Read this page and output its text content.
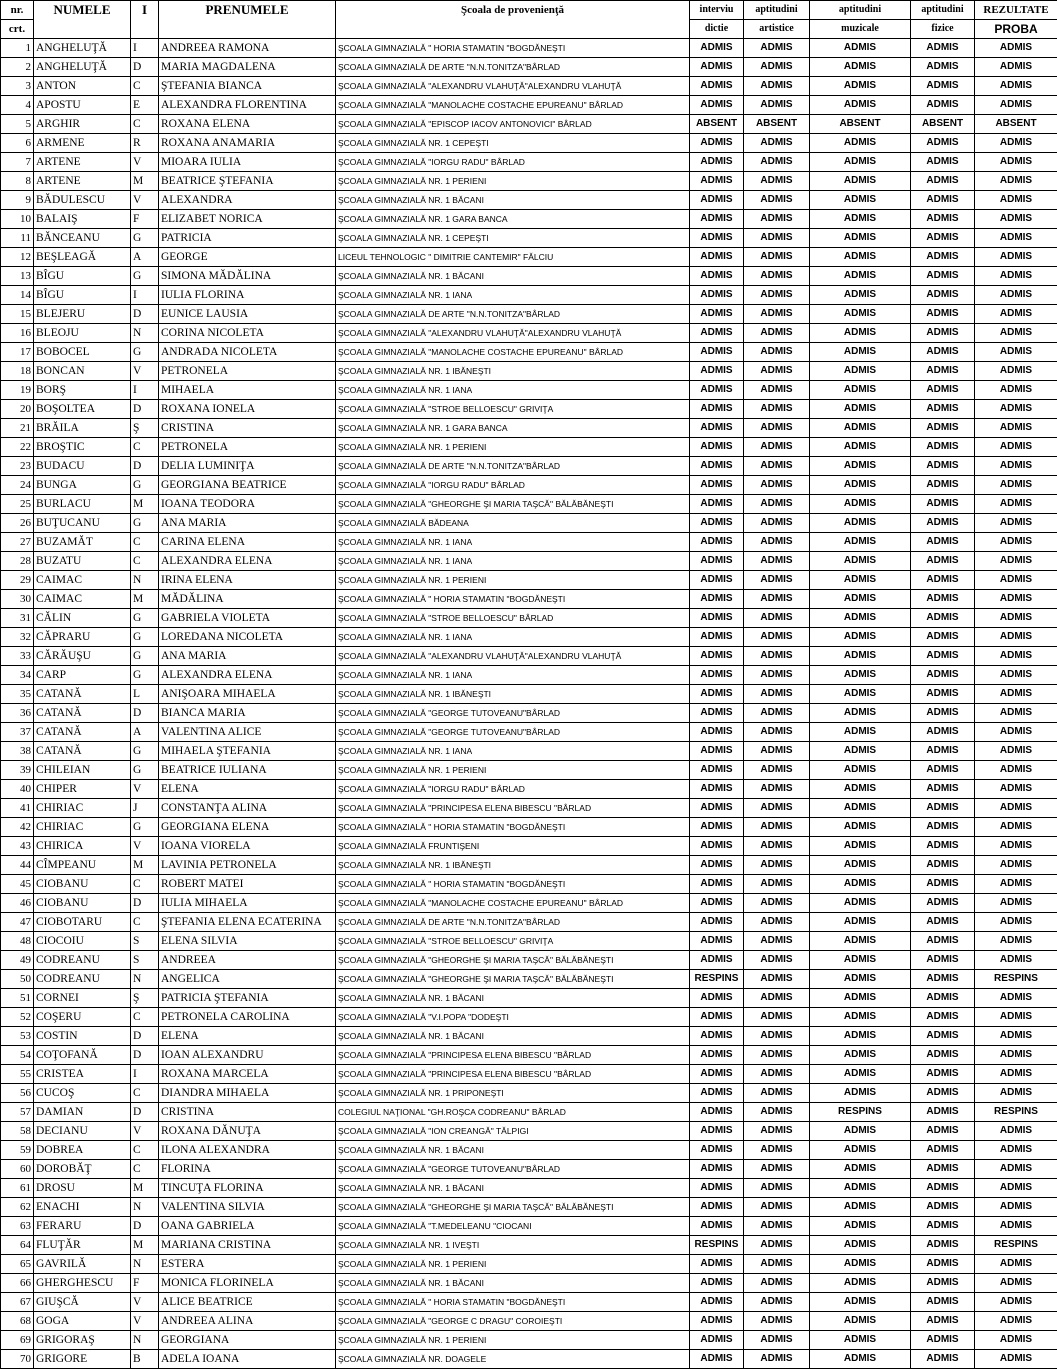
nr.	NUMELE	I	PRENUMELE	Şcoala de provenienţă	interviu	aptitudini	aptitudini	aptitudini	REZULTATE
crt.					dictie	artistice	muzicale	fizice	PROBA
1	ANGHELUŢĂ	I	ANDREEA RAMONA	ŞCOALA GIMNAZIALĂ " HORIA STAMATIN "BOGDĂNEŞTI	ADMIS	ADMIS	ADMIS	ADMIS	ADMIS
2	ANGHELUŢĂ	D	MARIA MAGDALENA	ŞCOALA GIMNAZIALĂ DE ARTE "N.N.TONITZA"BÂRLAD	ADMIS	ADMIS	ADMIS	ADMIS	ADMIS
3	ANTON	C	ŞTEFANIA BIANCA	ŞCOALA GIMNAZIALĂ "ALEXANDRU VLAHUŢĂ"ALEXANDRU VLAHUŢĂ	ADMIS	ADMIS	ADMIS	ADMIS	ADMIS
4	APOSTU	E	ALEXANDRA FLORENTINA	ŞCOALA GIMNAZIALĂ "MANOLACHE COSTACHE EPUREANU" BÂRLAD	ADMIS	ADMIS	ADMIS	ADMIS	ADMIS
5	ARGHIR	C	ROXANA ELENA	ŞCOALA GIMNAZIALĂ "EPISCOP IACOV ANTONOVICI" BÂRLAD	ABSENT	ABSENT	ABSENT	ABSENT	ABSENT
6	ARMENE	R	ROXANA ANAMARIA	ŞCOALA GIMNAZIALĂ NR. 1 CEPEŞTI	ADMIS	ADMIS	ADMIS	ADMIS	ADMIS
7	ARTENE	V	MIOARA IULIA	ŞCOALA GIMNAZIALĂ "IORGU RADU" BÂRLAD	ADMIS	ADMIS	ADMIS	ADMIS	ADMIS
8	ARTENE	M	BEATRICE ŞTEFANIA	ŞCOALA GIMNAZIALĂ NR. 1 PERIENI	ADMIS	ADMIS	ADMIS	ADMIS	ADMIS
9	BĂDULESCU	V	ALEXANDRA	ŞCOALA GIMNAZIALĂ NR. 1 BĂCANI	ADMIS	ADMIS	ADMIS	ADMIS	ADMIS
10	BALAIŞ	F	ELIZABET NORICA	ŞCOALA GIMNAZIALĂ NR. 1 GARA BANCA	ADMIS	ADMIS	ADMIS	ADMIS	ADMIS
11	BĂNCEANU	G	PATRICIA	ŞCOALA GIMNAZIALĂ NR. 1 CEPEŞTI	ADMIS	ADMIS	ADMIS	ADMIS	ADMIS
12	BEŞLEAGĂ	A	GEORGE	LICEUL TEHNOLOGIC " DIMITRIE CANTEMIR" FĂLCIU	ADMIS	ADMIS	ADMIS	ADMIS	ADMIS
13	BÎGU	G	SIMONA MĂDĂLINA	ŞCOALA GIMNAZIALĂ NR. 1 BĂCANI	ADMIS	ADMIS	ADMIS	ADMIS	ADMIS
14	BÎGU	I	IULIA FLORINA	ŞCOALA GIMNAZIALĂ NR. 1 IANA	ADMIS	ADMIS	ADMIS	ADMIS	ADMIS
15	BLEJERU	D	EUNICE LAUSIA	ŞCOALA GIMNAZIALĂ DE ARTE "N.N.TONITZA"BÂRLAD	ADMIS	ADMIS	ADMIS	ADMIS	ADMIS
16	BLEOJU	N	CORINA NICOLETA	ŞCOALA GIMNAZIALĂ "ALEXANDRU VLAHUŢĂ"ALEXANDRU VLAHUŢĂ	ADMIS	ADMIS	ADMIS	ADMIS	ADMIS
17	BOBOCEL	G	ANDRADA NICOLETA	ŞCOALA GIMNAZIALĂ "MANOLACHE COSTACHE EPUREANU" BÂRLAD	ADMIS	ADMIS	ADMIS	ADMIS	ADMIS
18	BONCAN	V	PETRONELA	ŞCOALA GIMNAZIALĂ NR. 1 IBĂNEŞTI	ADMIS	ADMIS	ADMIS	ADMIS	ADMIS
19	BORŞ	I	MIHAELA	ŞCOALA GIMNAZIALĂ NR. 1 IANA	ADMIS	ADMIS	ADMIS	ADMIS	ADMIS
20	BOŞOLTEA	D	ROXANA IONELA	ŞCOALA GIMNAZIALĂ "STROE BELLOESCU" GRIVIŢA	ADMIS	ADMIS	ADMIS	ADMIS	ADMIS
21	BRĂILA	Ş	CRISTINA	ŞCOALA GIMNAZIALĂ NR. 1 GARA BANCA	ADMIS	ADMIS	ADMIS	ADMIS	ADMIS
22	BROŞTIC	C	PETRONELA	ŞCOALA GIMNAZIALĂ NR. 1 PERIENI	ADMIS	ADMIS	ADMIS	ADMIS	ADMIS
23	BUDACU	D	DELIA LUMINIŢA	ŞCOALA GIMNAZIALĂ DE ARTE "N.N.TONITZA"BÂRLAD	ADMIS	ADMIS	ADMIS	ADMIS	ADMIS
24	BUNGA	G	GEORGIANA BEATRICE	ŞCOALA GIMNAZIALĂ "IORGU RADU" BÂRLAD	ADMIS	ADMIS	ADMIS	ADMIS	ADMIS
25	BURLACU	M	IOANA TEODORA	ŞCOALA GIMNAZIALĂ "GHEORGHE ŞI MARIA TAŞCĂ" BĂLĂBĂNEŞTI	ADMIS	ADMIS	ADMIS	ADMIS	ADMIS
26	BUŢUCANU	G	ANA MARIA	ŞCOALA GIMNAZIALĂ BĂDEANA	ADMIS	ADMIS	ADMIS	ADMIS	ADMIS
27	BUZAMĂT	C	CARINA ELENA	ŞCOALA GIMNAZIALĂ NR. 1 IANA	ADMIS	ADMIS	ADMIS	ADMIS	ADMIS
28	BUZATU	C	ALEXANDRA ELENA	ŞCOALA GIMNAZIALĂ NR. 1 IANA	ADMIS	ADMIS	ADMIS	ADMIS	ADMIS
29	CAIMAC	N	IRINA ELENA	ŞCOALA GIMNAZIALĂ NR. 1 PERIENI	ADMIS	ADMIS	ADMIS	ADMIS	ADMIS
30	CAIMAC	M	MĂDĂLINA	ŞCOALA GIMNAZIALĂ " HORIA STAMATIN "BOGDĂNEŞTI	ADMIS	ADMIS	ADMIS	ADMIS	ADMIS
31	CĂLIN	G	GABRIELA VIOLETA	ŞCOALA GIMNAZIALĂ "STROE BELLOESCU" BÂRLAD	ADMIS	ADMIS	ADMIS	ADMIS	ADMIS
32	CĂPRARU	G	LOREDANA NICOLETA	ŞCOALA GIMNAZIALĂ NR. 1 IANA	ADMIS	ADMIS	ADMIS	ADMIS	ADMIS
33	CĂRĂUŞU	G	ANA MARIA	ŞCOALA GIMNAZIALĂ "ALEXANDRU VLAHUŢĂ"ALEXANDRU VLAHUŢĂ	ADMIS	ADMIS	ADMIS	ADMIS	ADMIS
34	CARP	G	ALEXANDRA ELENA	ŞCOALA GIMNAZIALĂ NR. 1 IANA	ADMIS	ADMIS	ADMIS	ADMIS	ADMIS
35	CATANĂ	L	ANIŞOARA MIHAELA	ŞCOALA GIMNAZIALĂ NR. 1 IBĂNEŞTI	ADMIS	ADMIS	ADMIS	ADMIS	ADMIS
36	CATANĂ	D	BIANCA MARIA	ŞCOALA GIMNAZIALĂ "GEORGE TUTOVEANU"BÂRLAD	ADMIS	ADMIS	ADMIS	ADMIS	ADMIS
37	CATANĂ	A	VALENTINA ALICE	ŞCOALA GIMNAZIALĂ "GEORGE TUTOVEANU"BÂRLAD	ADMIS	ADMIS	ADMIS	ADMIS	ADMIS
38	CATANĂ	G	MIHAELA ŞTEFANIA	ŞCOALA GIMNAZIALĂ NR. 1 IANA	ADMIS	ADMIS	ADMIS	ADMIS	ADMIS
39	CHILEIAN	G	BEATRICE IULIANA	ŞCOALA GIMNAZIALĂ NR. 1 PERIENI	ADMIS	ADMIS	ADMIS	ADMIS	ADMIS
40	CHIPER	V	ELENA	ŞCOALA GIMNAZIALĂ "IORGU RADU" BÂRLAD	ADMIS	ADMIS	ADMIS	ADMIS	ADMIS
41	CHIRIAC	J	CONSTANŢA ALINA	ŞCOALA GIMNAZIALĂ "PRINCIPESA ELENA BIBESCU "BÂRLAD	ADMIS	ADMIS	ADMIS	ADMIS	ADMIS
42	CHIRIAC	G	GEORGIANA ELENA	ŞCOALA GIMNAZIALĂ " HORIA STAMATIN "BOGDĂNEŞTI	ADMIS	ADMIS	ADMIS	ADMIS	ADMIS
43	CHIRICA	V	IOANA VIORELA	ŞCOALA GIMNAZIALĂ FRUNTIŞENI	ADMIS	ADMIS	ADMIS	ADMIS	ADMIS
44	CÎMPEANU	M	LAVINIA PETRONELA	ŞCOALA GIMNAZIALĂ NR. 1 IBĂNEŞTI	ADMIS	ADMIS	ADMIS	ADMIS	ADMIS
45	CIOBANU	C	ROBERT MATEI	ŞCOALA GIMNAZIALĂ " HORIA STAMATIN "BOGDĂNEŞTI	ADMIS	ADMIS	ADMIS	ADMIS	ADMIS
46	CIOBANU	D	IULIA MIHAELA	ŞCOALA GIMNAZIALĂ "MANOLACHE COSTACHE EPUREANU" BÂRLAD	ADMIS	ADMIS	ADMIS	ADMIS	ADMIS
47	CIOBOTARU	C	ŞTEFANIA ELENA ECATERINA	ŞCOALA GIMNAZIALĂ DE ARTE "N.N.TONITZA"BÂRLAD	ADMIS	ADMIS	ADMIS	ADMIS	ADMIS
48	CIOCOIU	S	ELENA SILVIA	ŞCOALA GIMNAZIALĂ "STROE BELLOESCU" GRIVIŢA	ADMIS	ADMIS	ADMIS	ADMIS	ADMIS
49	CODREANU	S	ANDREEA	ŞCOALA GIMNAZIALĂ "GHEORGHE ŞI MARIA TAŞCĂ" BĂLĂBĂNEŞTI	ADMIS	ADMIS	ADMIS	ADMIS	ADMIS
50	CODREANU	N	ANGELICA	ŞCOALA GIMNAZIALĂ "GHEORGHE ŞI MARIA TAŞCĂ" BĂLĂBĂNEŞTI	RESPINS	ADMIS	ADMIS	ADMIS	RESPINS
51	CORNEI	Ş	PATRICIA ŞTEFANIA	ŞCOALA GIMNAZIALĂ NR. 1 BĂCANI	ADMIS	ADMIS	ADMIS	ADMIS	ADMIS
52	COŞERU	C	PETRONELA CAROLINA	ŞCOALA GIMNAZIALĂ "V.I.POPA "DODEŞTI	ADMIS	ADMIS	ADMIS	ADMIS	ADMIS
53	COSTIN	D	ELENA	ŞCOALA GIMNAZIALĂ NR. 1 BĂCANI	ADMIS	ADMIS	ADMIS	ADMIS	ADMIS
54	COŢOFANĂ	D	IOAN ALEXANDRU	ŞCOALA GIMNAZIALĂ "PRINCIPESA ELENA BIBESCU "BÂRLAD	ADMIS	ADMIS	ADMIS	ADMIS	ADMIS
55	CRISTEA	I	ROXANA MARCELA	ŞCOALA GIMNAZIALĂ "PRINCIPESA ELENA BIBESCU "BÂRLAD	ADMIS	ADMIS	ADMIS	ADMIS	ADMIS
56	CUCOŞ	C	DIANDRA MIHAELA	ŞCOALA GIMNAZIALĂ NR. 1 PRIPONEŞTI	ADMIS	ADMIS	ADMIS	ADMIS	ADMIS
57	DAMIAN	D	CRISTINA	COLEGIUL NAŢIONAL "GH.ROŞCA CODREANU" BÂRLAD	ADMIS	ADMIS	RESPINS	ADMIS	RESPINS
58	DECIANU	V	ROXANA DĂNUŢA	ŞCOALA GIMNAZIALĂ "ION CREANGĂ" TĂLPIGI	ADMIS	ADMIS	ADMIS	ADMIS	ADMIS
59	DOBREA	C	ILONA ALEXANDRA	ŞCOALA GIMNAZIALĂ NR. 1 BĂCANI	ADMIS	ADMIS	ADMIS	ADMIS	ADMIS
60	DOROBĂŢ	C	FLORINA	ŞCOALA GIMNAZIALĂ "GEORGE TUTOVEANU"BÂRLAD	ADMIS	ADMIS	ADMIS	ADMIS	ADMIS
61	DROSU	M	TINCUŢA FLORINA	ŞCOALA GIMNAZIALĂ NR. 1 BĂCANI	ADMIS	ADMIS	ADMIS	ADMIS	ADMIS
62	ENACHI	N	VALENTINA SILVIA	ŞCOALA GIMNAZIALĂ "GHEORGHE ŞI MARIA TAŞCĂ" BĂLĂBĂNEŞTI	ADMIS	ADMIS	ADMIS	ADMIS	ADMIS
63	FERARU	D	OANA GABRIELA	ŞCOALA GIMNAZIALĂ "T.MEDELEANU "CIOCANI	ADMIS	ADMIS	ADMIS	ADMIS	ADMIS
64	FLUŢĂR	M	MARIANA CRISTINA	ŞCOALA GIMNAZIALĂ NR. 1 IVEŞTI	RESPINS	ADMIS	ADMIS	ADMIS	RESPINS
65	GAVRILĂ	N	ESTERA	ŞCOALA GIMNAZIALĂ NR. 1 PERIENI	ADMIS	ADMIS	ADMIS	ADMIS	ADMIS
66	GHERGHESCU	F	MONICA FLORINELA	ŞCOALA GIMNAZIALĂ NR. 1 BĂCANI	ADMIS	ADMIS	ADMIS	ADMIS	ADMIS
67	GIUŞCĂ	V	ALICE BEATRICE	ŞCOALA GIMNAZIALĂ " HORIA STAMATIN "BOGDĂNEŞTI	ADMIS	ADMIS	ADMIS	ADMIS	ADMIS
68	GOGA	V	ANDREEA ALINA	ŞCOALA GIMNAZIALĂ "GEORGE C DRAGU" COROIEŞTI	ADMIS	ADMIS	ADMIS	ADMIS	ADMIS
69	GRIGORAŞ	N	GEORGIANA	ŞCOALA GIMNAZIALĂ NR. 1 PERIENI	ADMIS	ADMIS	ADMIS	ADMIS	ADMIS
70	GRIGORE	B	ADELA IOANA	ŞCOALA GIMNAZIALĂ NR. DOAGELE	ADMIS	ADMIS	ADMIS	ADMIS	ADMIS
